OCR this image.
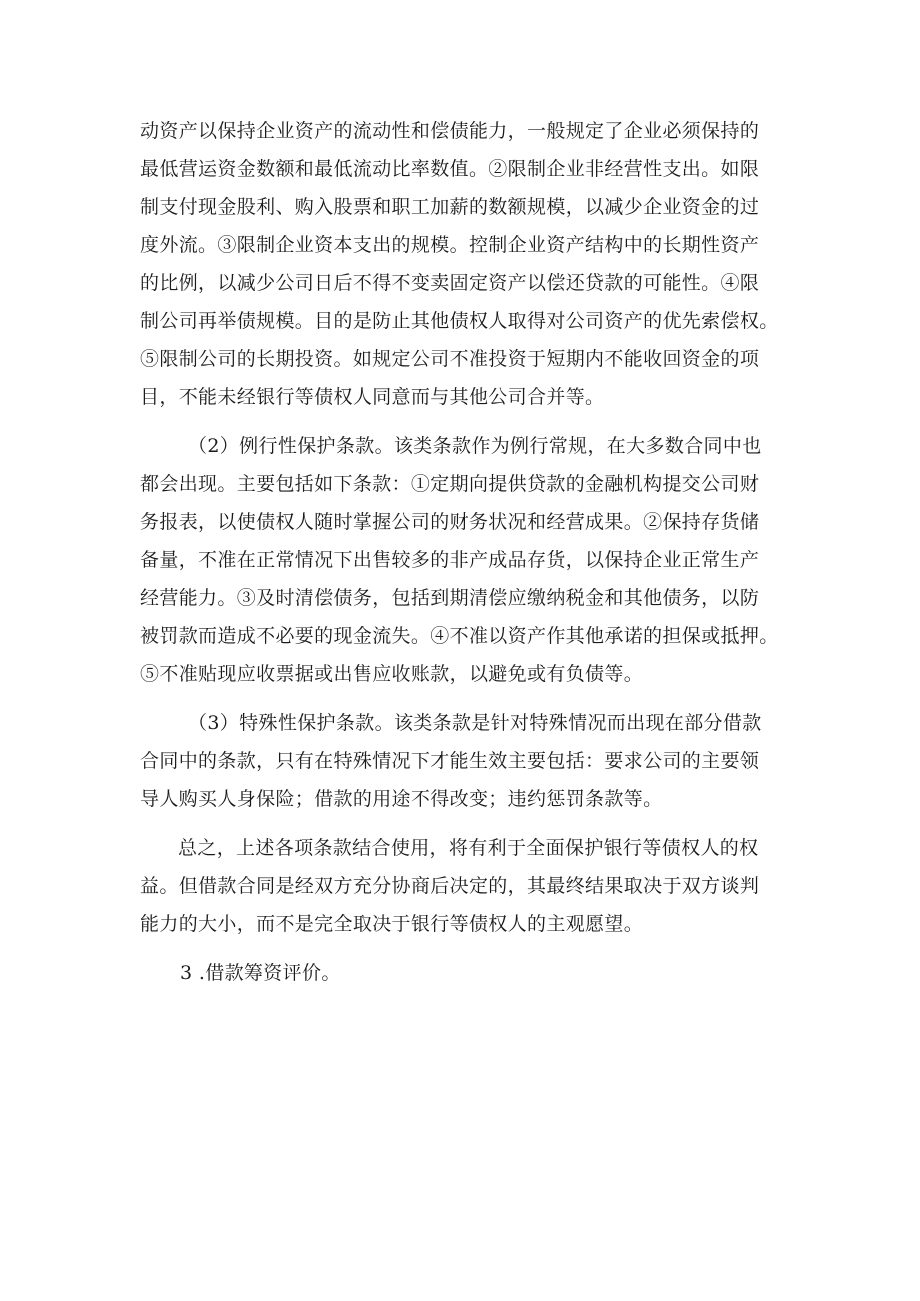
动资产以保持企业资产的流动性和偿债能力，一般规定了企业必须保持的
最低营运资金数额和最低流动比率数值。②限制企业非经营性支出。如限
制支付现金股利、购入股票和职工加薪的数额规模，以减少企业资金的过
度外流。③限制企业资本支出的规模。控制企业资产结构中的长期性资产
的比例，以减少公司日后不得不变卖固定资产以偿还贷款的可能性。④限
制公司再举债规模。目的是防止其他债权人取得对公司资产的优先索偿权。
⑤限制公司的长期投资。如规定公司不准投资于短期内不能收回资金的项
目，不能未经银行等债权人同意而与其他公司合并等。
（2）例行性保护条款。该类条款作为例行常规，在大多数合同中也
都会出现。主要包括如下条款：①定期向提供贷款的金融机构提交公司财
务报表，以使债权人随时掌握公司的财务状况和经营成果。②保持存货储
备量，不准在正常情况下出售较多的非产成品存货，以保持企业正常生产
经营能力。③及时清偿债务，包括到期清偿应缴纳税金和其他债务，以防
被罚款而造成不必要的现金流失。④不准以资产作其他承诺的担保或抵押。
⑤不准贴现应收票据或出售应收账款，以避免或有负债等。
（3）特殊性保护条款。该类条款是针对特殊情况而出现在部分借款
合同中的条款，只有在特殊情况下才能生效主要包括：要求公司的主要领
导人购买人身保险；借款的用途不得改变；违约惩罚条款等。
总之，上述各项条款结合使用，将有利于全面保护银行等债权人的权
益。但借款合同是经双方充分协商后决定的，其最终结果取决于双方谈判
能力的大小，而不是完全取决于银行等债权人的主观愿望。
3 .借款筹资评价。
